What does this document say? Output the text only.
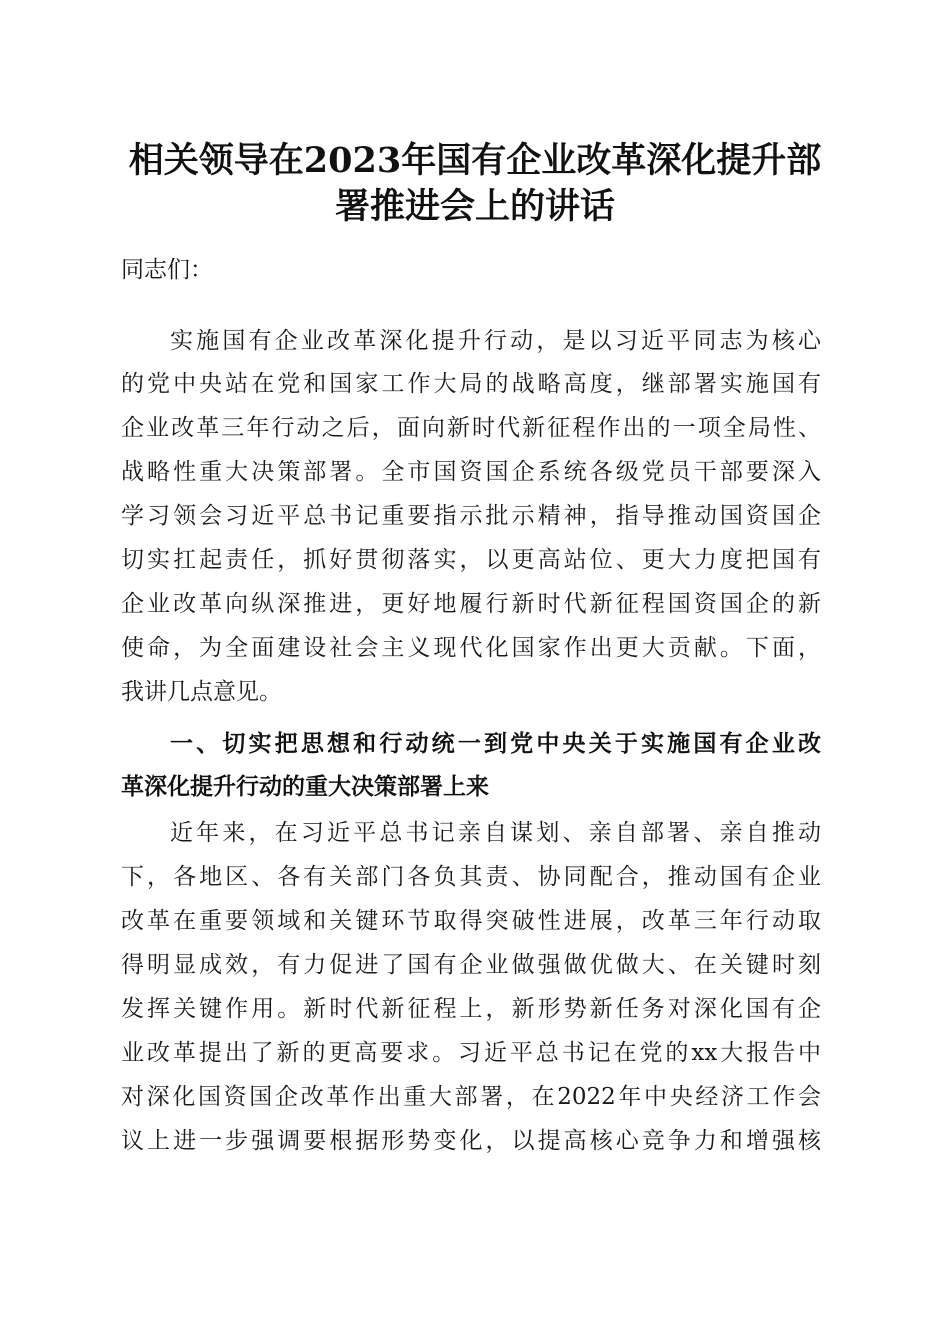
相关领导在2023年国有企业改革深化提升部
署推进会上的讲话
同志们：
实施国有企业改革深化提升行动，是以习近平同志为核心
的党中央站在党和国家工作大局的战略高度，继部署实施国有
企业改革三年行动之后，面向新时代新征程作出的一项全局性、
战略性重大决策部署。全市国资国企系统各级党员干部要深入
学习领会习近平总书记重要指示批示精神，指导推动国资国企
切实扛起责任，抓好贯彻落实，以更高站位、更大力度把国有
企业改革向纵深推进，更好地履行新时代新征程国资国企的新
使命，为全面建设社会主义现代化国家作出更大贡献。下面，
我讲几点意见。
一、切实把思想和行动统一到党中央关于实施国有企业改
革深化提升行动的重大决策部署上来
近年来，在习近平总书记亲自谋划、亲自部署、亲自推动
下，各地区、各有关部门各负其责、协同配合，推动国有企业
改革在重要领域和关键环节取得突破性进展，改革三年行动取
得明显成效，有力促进了国有企业做强做优做大、在关键时刻
发挥关键作用。新时代新征程上，新形势新任务对深化国有企
业改革提出了新的更高要求。习近平总书记在党的xx大报告中
对深化国资国企改革作出重大部署，在2022年中央经济工作会
议上进一步强调要根据形势变化，以提高核心竞争力和增强核
